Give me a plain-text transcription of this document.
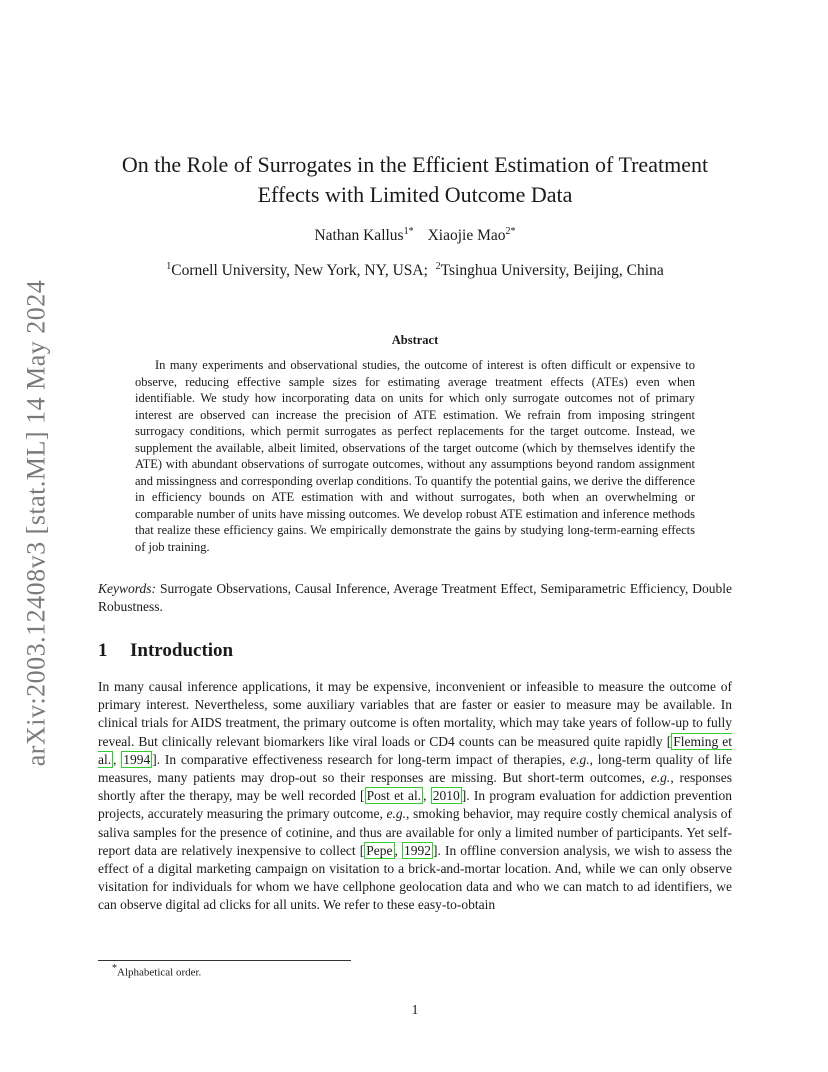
arXiv:2003.12408v3 [stat.ML] 14 May 2024
On the Role of Surrogates in the Efficient Estimation of Treatment
Effects with Limited Outcome Data
Nathan Kallus$^{1*}$ Xiaojie Mao$^{2*}$
$^1$Cornell University, New York, NY, USA; $^2$Tsinghua University, Beijing, China
Abstract

In many experiments and observational studies, the outcome of interest is often difficult or expensive to observe, reducing effective sample sizes for estimating average treatment effects (ATEs) even when identifiable. We study how incorporating data on units for which only surrogate outcomes not of primary interest are observed can increase the precision of ATE estimation. We refrain from imposing stringent surrogacy conditions, which permit surrogates as perfect replacements for the target outcome. Instead, we supplement the available, albeit limited, observations of the target outcome (which by themselves identify the ATE) with abundant observations of surrogate outcomes, without any assumptions beyond random assignment and missingness and corresponding overlap conditions. To quantify the potential gains, we derive the difference in efficiency bounds on ATE estimation with and without surrogates, both when an overwhelming or comparable number of units have missing outcomes. We develop robust ATE estimation and inference methods that realize these efficiency gains. We empirically demonstrate the gains by studying long-term-earning effects of job training.

Keywords: Surrogate Observations, Causal Inference, Average Treatment Effect, Semiparametric Efficiency, Double Robustness.

1 Introduction

In many causal inference applications, it may be expensive, inconvenient or infeasible to measure the outcome of primary interest. Nevertheless, some auxiliary variables that are faster or easier to measure may be available. In clinical trials for AIDS treatment, the primary outcome is often mortality, which may take years of follow-up to fully reveal. But clinically relevant biomarkers like viral loads or CD4 counts can be measured quite rapidly [ Fleming et al. , 1994 ]. In comparative effectiveness research for long-term impact of therapies, e.g., long-term quality of life measures, many patients may drop-out so their responses are missing. But short-term outcomes, e.g., responses shortly after the therapy, may be well recorded [ Post et al. , 2010 ]. In program evaluation for addiction prevention projects, accurately measuring the primary outcome, e.g., smoking behavior, may require costly chemical analysis of saliva samples for the presence of cotinine, and thus are available for only a limited number of participants. Yet self-report data are relatively inexpensive to collect [ Pepe , 1992 ]. In offline conversion analysis, we wish to assess the effect of a digital marketing campaign on visitation to a brick-and-mortar location. And, while we can only observe visitation for individuals for whom we have cellphone geolocation data and who we can match to ad identifiers, we can observe digital ad clicks for all units. We refer to these easy-to-obtain

*Alphabetical order.
1
